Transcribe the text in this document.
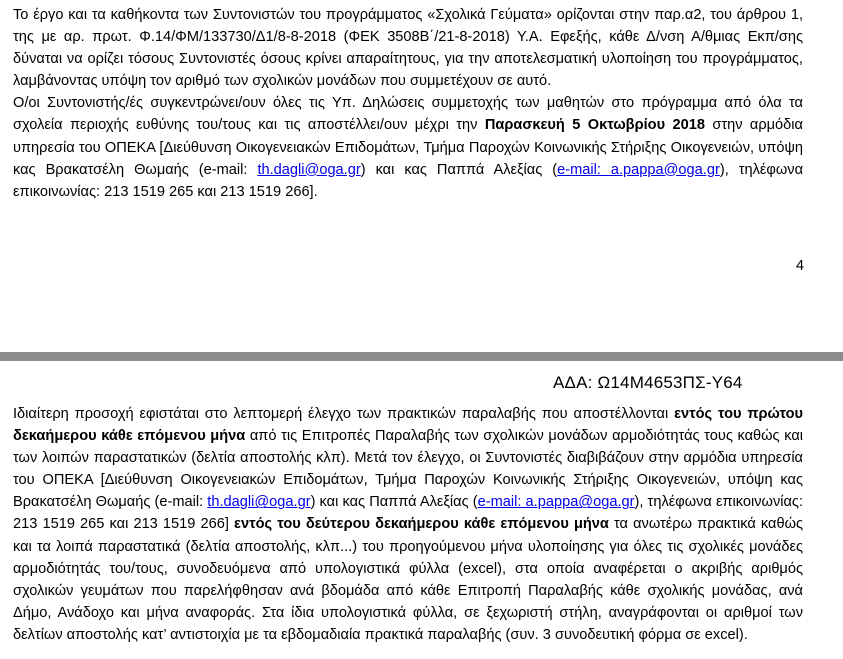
Το έργο και τα καθήκοντα των Συντονιστών του προγράμματος «Σχολικά Γεύματα» ορίζονται στην παρ.α2, του άρθρου 1, της με αρ. πρωτ. Φ.14/ΦΜ/133730/Δ1/8-8-2018 (ΦΕΚ 3508Β΄/21-8-2018) Υ.Α. Εφεξής, κάθε Δ/νση Α/θμιας Εκπ/σης δύναται να ορίζει τόσους Συντονιστές όσους κρίνει απαραίτητους, για την αποτελεσματική υλοποίηση του προγράμματος, λαμβάνοντας υπόψη τον αριθμό των σχολικών μονάδων που συμμετέχουν σε αυτό.

Ο/οι Συντονιστής/ές συγκεντρώνει/ουν όλες τις Υπ. Δηλώσεις συμμετοχής των μαθητών στο πρόγραμμα από όλα τα σχολεία περιοχής ευθύνης του/τους και τις αποστέλλει/ουν μέχρι την Παρασκευή 5 Οκτωβρίου 2018 στην αρμόδια υπηρεσία του ΟΠΕΚΑ [Διεύθυνση Οικογενειακών Επιδομάτων, Τμήμα Παροχών Κοινωνικής Στήριξης Οικογενειών, υπόψη κας Βρακατσέλη Θωμαής (e-mail: th.dagli@oga.gr) και κας Παππά Αλεξίας (e-mail: a.pappa@oga.gr), τηλέφωνα επικοινωνίας: 213 1519 265 και 213 1519 266].

4
ΑΔΑ: Ω14Μ4653ΠΣ-Υ64

Ιδιαίτερη προσοχή εφιστάται στο λεπτομερή έλεγχο των πρακτικών παραλαβής που αποστέλλονται εντός του πρώτου δεκαήμερου κάθε επόμενου μήνα από τις Επιτροπές Παραλαβής των σχολικών μονάδων αρμοδιότητάς τους καθώς και των λοιπών παραστατικών (δελτία αποστολής κλπ). Μετά τον έλεγχο, οι Συντονιστές διαβιβάζουν στην αρμόδια υπηρεσία του ΟΠΕΚΑ [Διεύθυνση Οικογενειακών Επιδομάτων, Τμήμα Παροχών Κοινωνικής Στήριξης Οικογενειών, υπόψη κας Βρακατσέλη Θωμαής (e-mail: th.dagli@oga.gr) και κας Παππά Αλεξίας (e-mail: a.pappa@oga.gr), τηλέφωνα επικοινωνίας: 213 1519 265 και 213 1519 266] εντός του δεύτερου δεκαήμερου κάθε επόμενου μήνα τα ανωτέρω πρακτικά καθώς και τα λοιπά παραστατικά (δελτία αποστολής, κλπ...) του προηγούμενου μήνα υλοποίησης για όλες τις σχολικές μονάδες αρμοδιότητάς του/τους, συνοδευόμενα από υπολογιστικά φύλλα (excel), στα οποία αναφέρεται ο ακριβής αριθμός σχολικών γευμάτων που παρελήφθησαν ανά βδομάδα από κάθε Επιτροπή Παραλαβής κάθε σχολικής μονάδας, ανά Δήμο, Ανάδοχο και μήνα αναφοράς. Στα ίδια υπολογιστικά φύλλα, σε ξεχωριστή στήλη, αναγράφονται οι αριθμοί των δελτίων αποστολής κατ’ αντιστοιχία με τα εβδομαδιαία πρακτικά παραλαβής (συν. 3 συνοδευτική φόρμα σε excel).
